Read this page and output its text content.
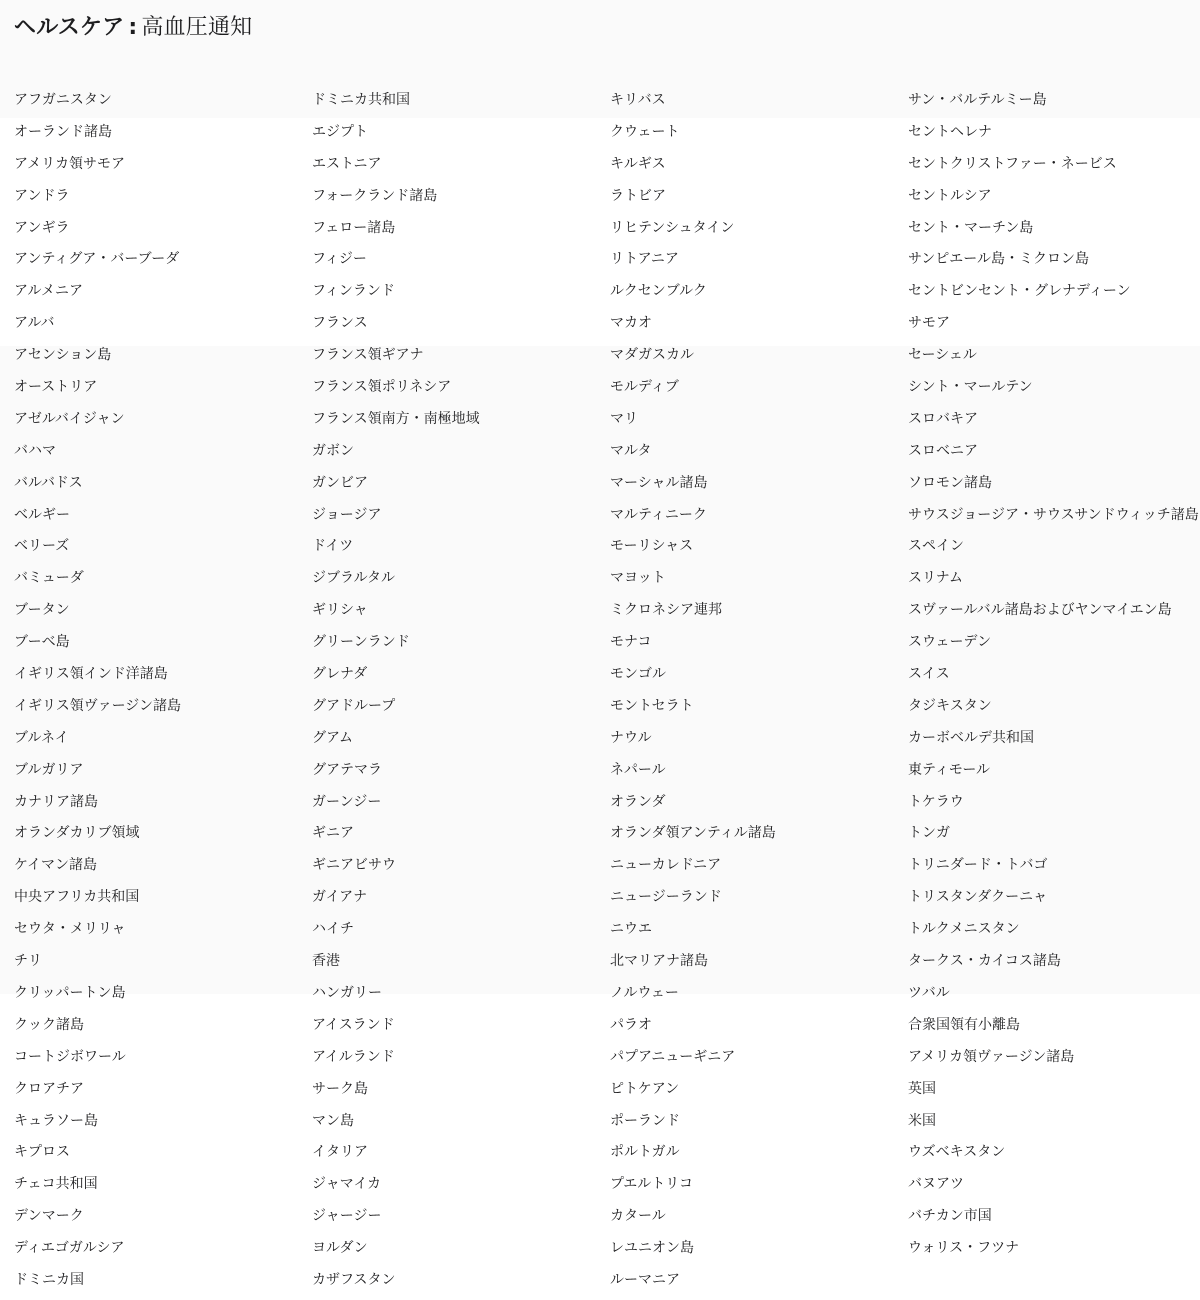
ヘルスケア : 高血圧通知
アフガニスタン
オーランド諸島
アメリカ領サモア
アンドラ
アンギラ
アンティグア・バーブーダ
アルメニア
アルバ
アセンション島
オーストリア
アゼルバイジャン
バハマ
バルバドス
ベルギー
ベリーズ
バミューダ
ブータン
ブーベ島
イギリス領インド洋諸島
イギリス領ヴァージン諸島
ブルネイ
ブルガリア
カナリア諸島
オランダカリブ領域
ケイマン諸島
中央アフリカ共和国
セウタ・メリリャ
チリ
クリッパートン島
クック諸島
コートジボワール
クロアチア
キュラソー島
キプロス
チェコ共和国
デンマーク
ディエゴガルシア
ドミニカ国
ドミニカ共和国
エジプト
エストニア
フォークランド諸島
フェロー諸島
フィジー
フィンランド
フランス
フランス領ギアナ
フランス領ポリネシア
フランス領南方・南極地域
ガボン
ガンビア
ジョージア
ドイツ
ジブラルタル
ギリシャ
グリーンランド
グレナダ
グアドループ
グアム
グアテマラ
ガーンジー
ギニア
ギニアビサウ
ガイアナ
ハイチ
香港
ハンガリー
アイスランド
アイルランド
サーク島
マン島
イタリア
ジャマイカ
ジャージー
ヨルダン
カザフスタン
キリバス
クウェート
キルギス
ラトビア
リヒテンシュタイン
リトアニア
ルクセンブルク
マカオ
マダガスカル
モルディブ
マリ
マルタ
マーシャル諸島
マルティニーク
モーリシャス
マヨット
ミクロネシア連邦
モナコ
モンゴル
モントセラト
ナウル
ネパール
オランダ
オランダ領アンティル諸島
ニューカレドニア
ニュージーランド
ニウエ
北マリアナ諸島
ノルウェー
パラオ
パプアニューギニア
ピトケアン
ポーランド
ポルトガル
プエルトリコ
カタール
レユニオン島
ルーマニア
サン・バルテルミー島
セントヘレナ
セントクリストファー・ネービス
セントルシア
セント・マーチン島
サンピエール島・ミクロン島
セントビンセント・グレナディーン
サモア
セーシェル
シント・マールテン
スロバキア
スロベニア
ソロモン諸島
サウスジョージア・サウスサンドウィッチ諸島
スペイン
スリナム
スヴァールバル諸島およびヤンマイエン島
スウェーデン
スイス
タジキスタン
カーボベルデ共和国
東ティモール
トケラウ
トンガ
トリニダード・トバゴ
トリスタンダクーニャ
トルクメニスタン
タークス・カイコス諸島
ツバル
合衆国領有小離島
アメリカ領ヴァージン諸島
英国
米国
ウズベキスタン
バヌアツ
バチカン市国
ウォリス・フツナ
